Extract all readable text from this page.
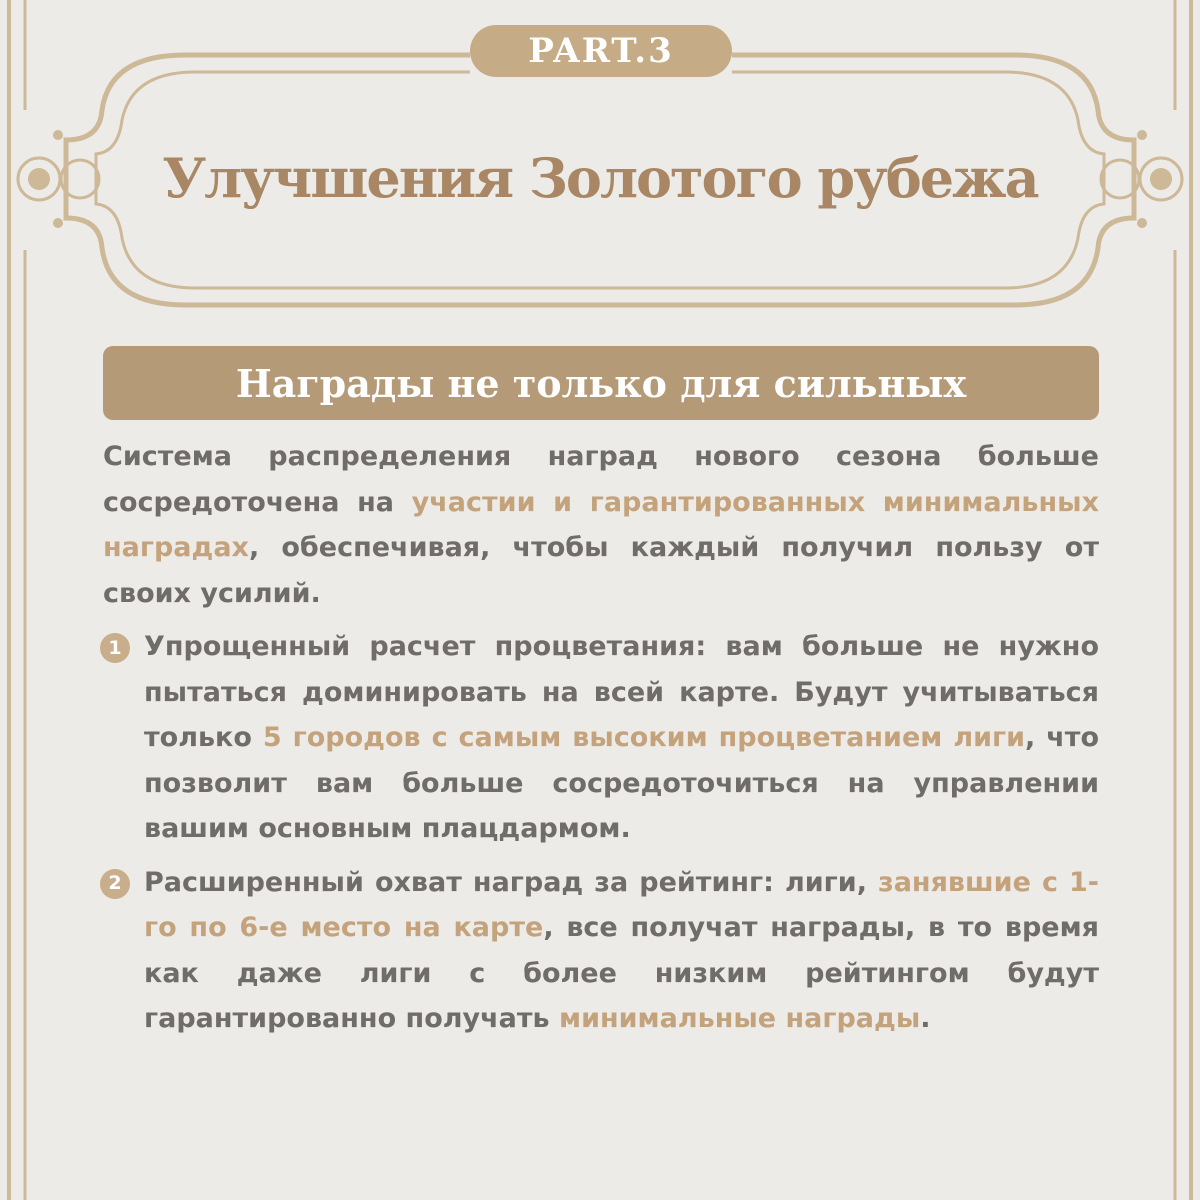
PART.3
Улучшения Золотого рубежа
Награды не только для сильных

Система распределения наград нового сезона больше сосредоточена на участии и гарантированных минимальных наградах, обеспечивая, чтобы каждый получил пользу от своих усилий.

1 Упрощенный расчет процветания: вам больше не нужно пытаться доминировать на всей карте. Будут учитываться только 5 городов с самым высоким процветанием лиги, что позволит вам больше сосредоточиться на управлении вашим основным плацдармом.
2 Расширенный охват наград за рейтинг: лиги, занявшие с 1-го по 6-е место на карте, все получат награды, в то время как даже лиги с более низким рейтингом будут гарантированно получать минимальные награды.
